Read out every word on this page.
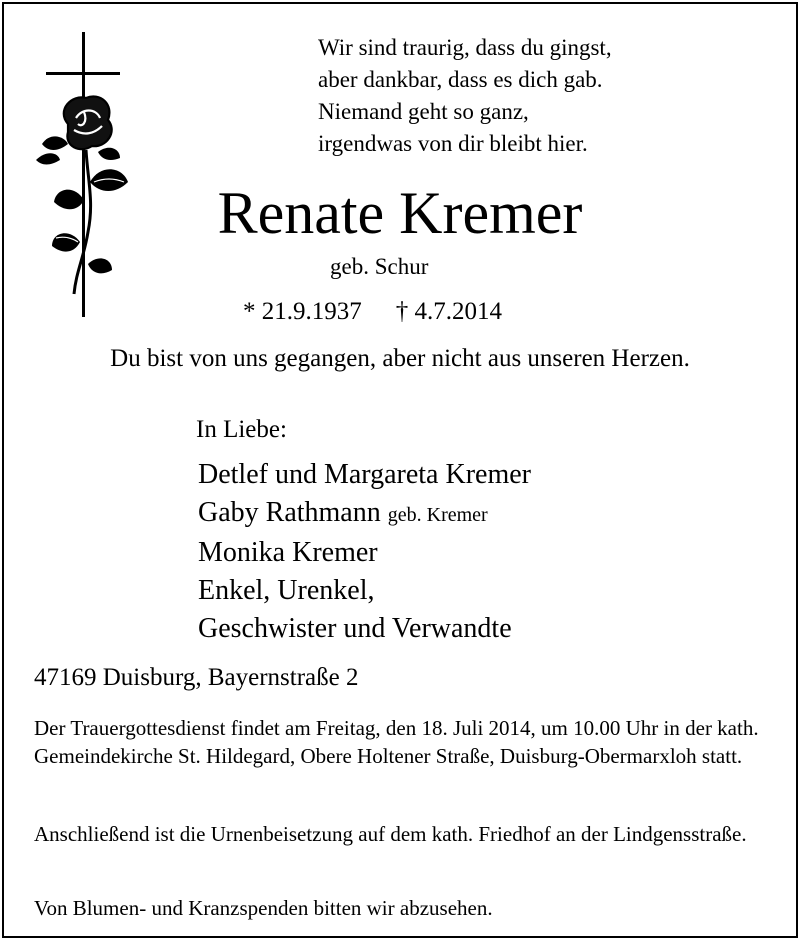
Wir sind traurig, dass du gingst,
aber dankbar, dass es dich gab.
Niemand geht so ganz,
irgendwas von dir bleibt hier.
Renate Kremer
geb. Schur
* 21.9.1937 † 4.7.2014
Du bist von uns gegangen, aber nicht aus unseren Herzen.
In Liebe:
Detlef und Margareta Kremer
Gaby Rathmann geb. Kremer
Monika Kremer
Enkel, Urenkel,
Geschwister und Verwandte
47169 Duisburg, Bayernstraße 2
Der Trauergottesdienst findet am Freitag, den 18. Juli 2014, um 10.00 Uhr in der kath. Gemeindekirche St. Hildegard, Obere Holtener Straße, Duisburg-Obermarxloh statt.
Anschließend ist die Urnenbeisetzung auf dem kath. Friedhof an der Lindgensstraße.
Von Blumen- und Kranzspenden bitten wir abzusehen.
